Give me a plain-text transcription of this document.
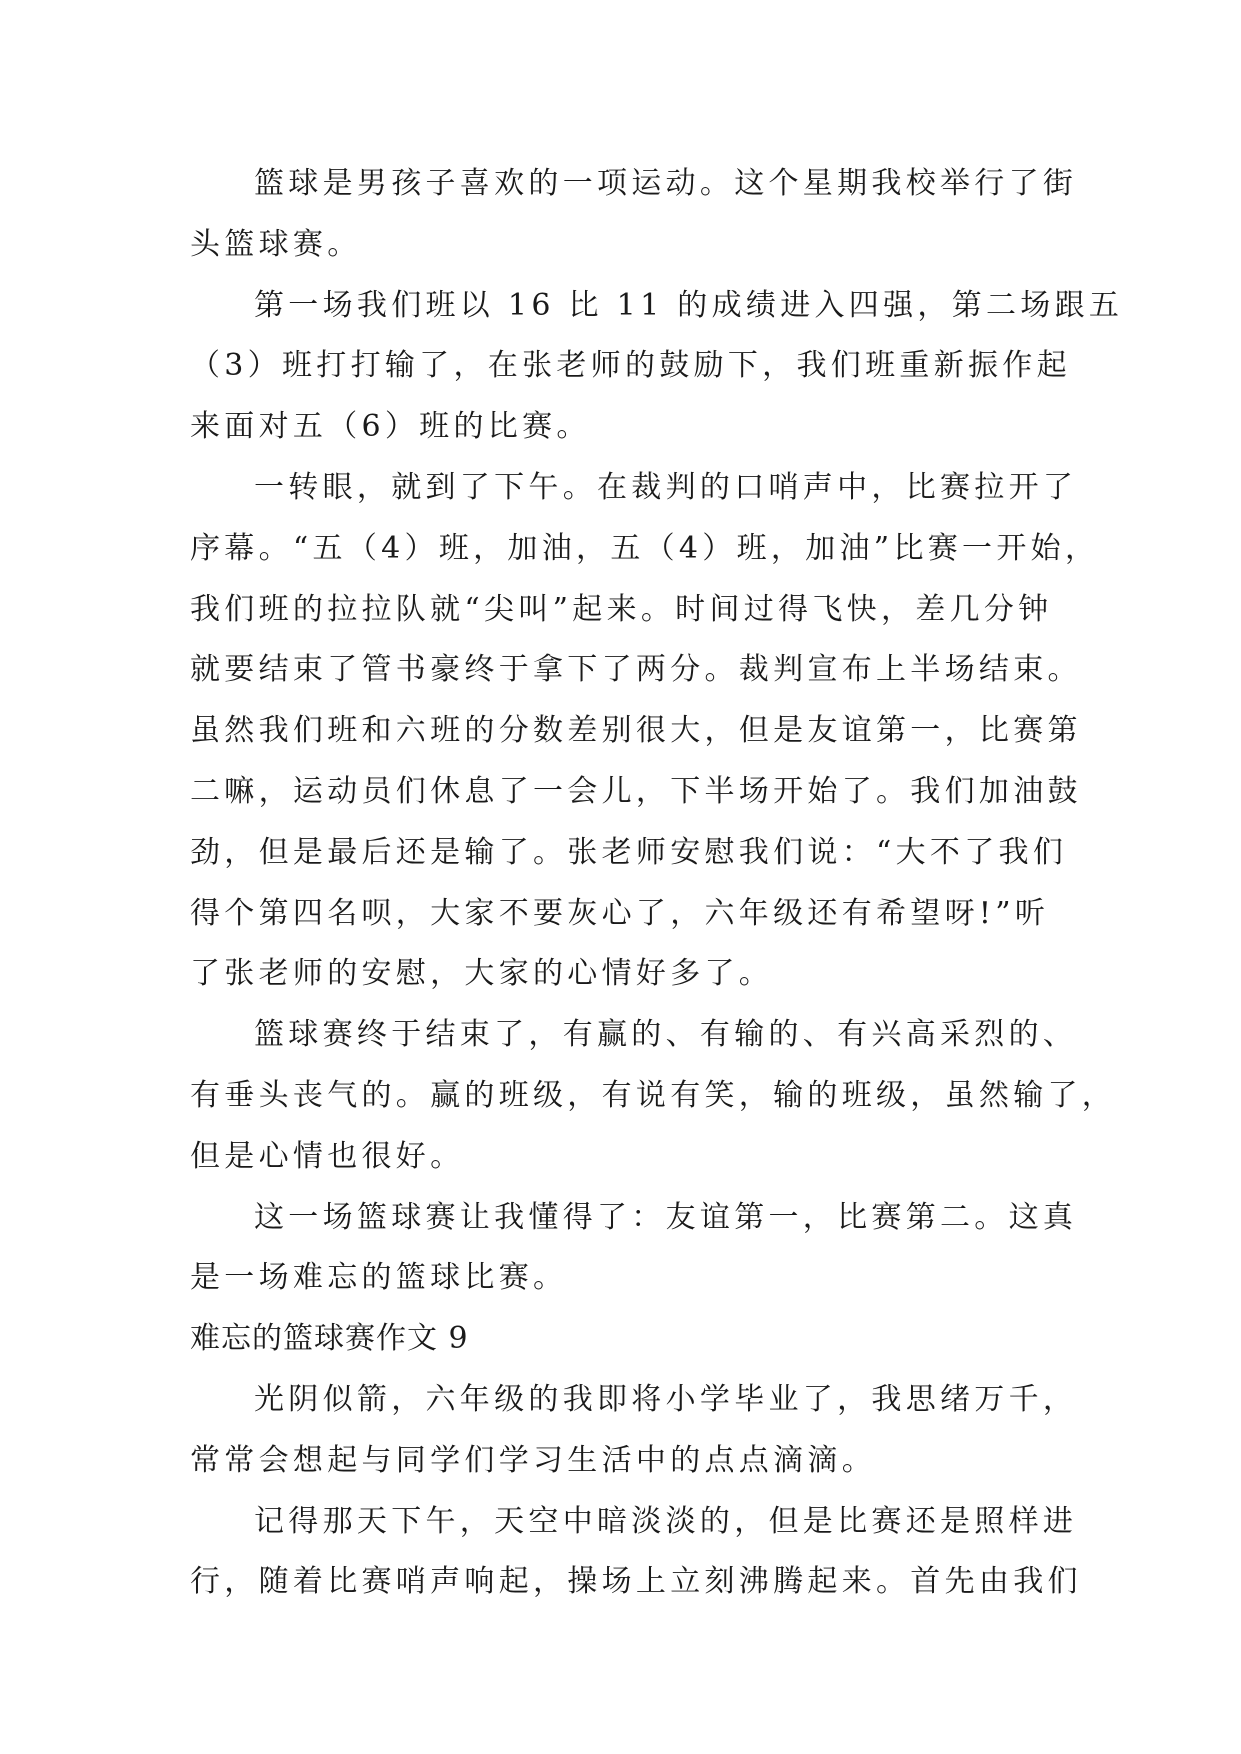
篮球是男孩子喜欢的一项运动。这个星期我校举行了街
头篮球赛。
第一场我们班以 16 比 11 的成绩进入四强，第二场跟五
（3）班打打输了，在张老师的鼓励下，我们班重新振作起
来面对五（6）班的比赛。
一转眼，就到了下午。在裁判的口哨声中，比赛拉开了
序幕。“五（4）班，加油，五（4）班，加油”比赛一开始，
我们班的拉拉队就“尖叫”起来。时间过得飞快，差几分钟
就要结束了管书豪终于拿下了两分。裁判宣布上半场结束。
虽然我们班和六班的分数差别很大，但是友谊第一，比赛第
二嘛，运动员们休息了一会儿，下半场开始了。我们加油鼓
劲，但是最后还是输了。张老师安慰我们说：“大不了我们
得个第四名呗，大家不要灰心了，六年级还有希望呀!”听
了张老师的安慰，大家的心情好多了。
篮球赛终于结束了，有赢的、有输的、有兴高采烈的、
有垂头丧气的。赢的班级，有说有笑，输的班级，虽然输了，
但是心情也很好。
这一场篮球赛让我懂得了：友谊第一，比赛第二。这真
是一场难忘的篮球比赛。
难忘的篮球赛作文 9
光阴似箭，六年级的我即将小学毕业了，我思绪万千，
常常会想起与同学们学习生活中的点点滴滴。
记得那天下午，天空中暗淡淡的，但是比赛还是照样进
行，随着比赛哨声响起，操场上立刻沸腾起来。首先由我们
